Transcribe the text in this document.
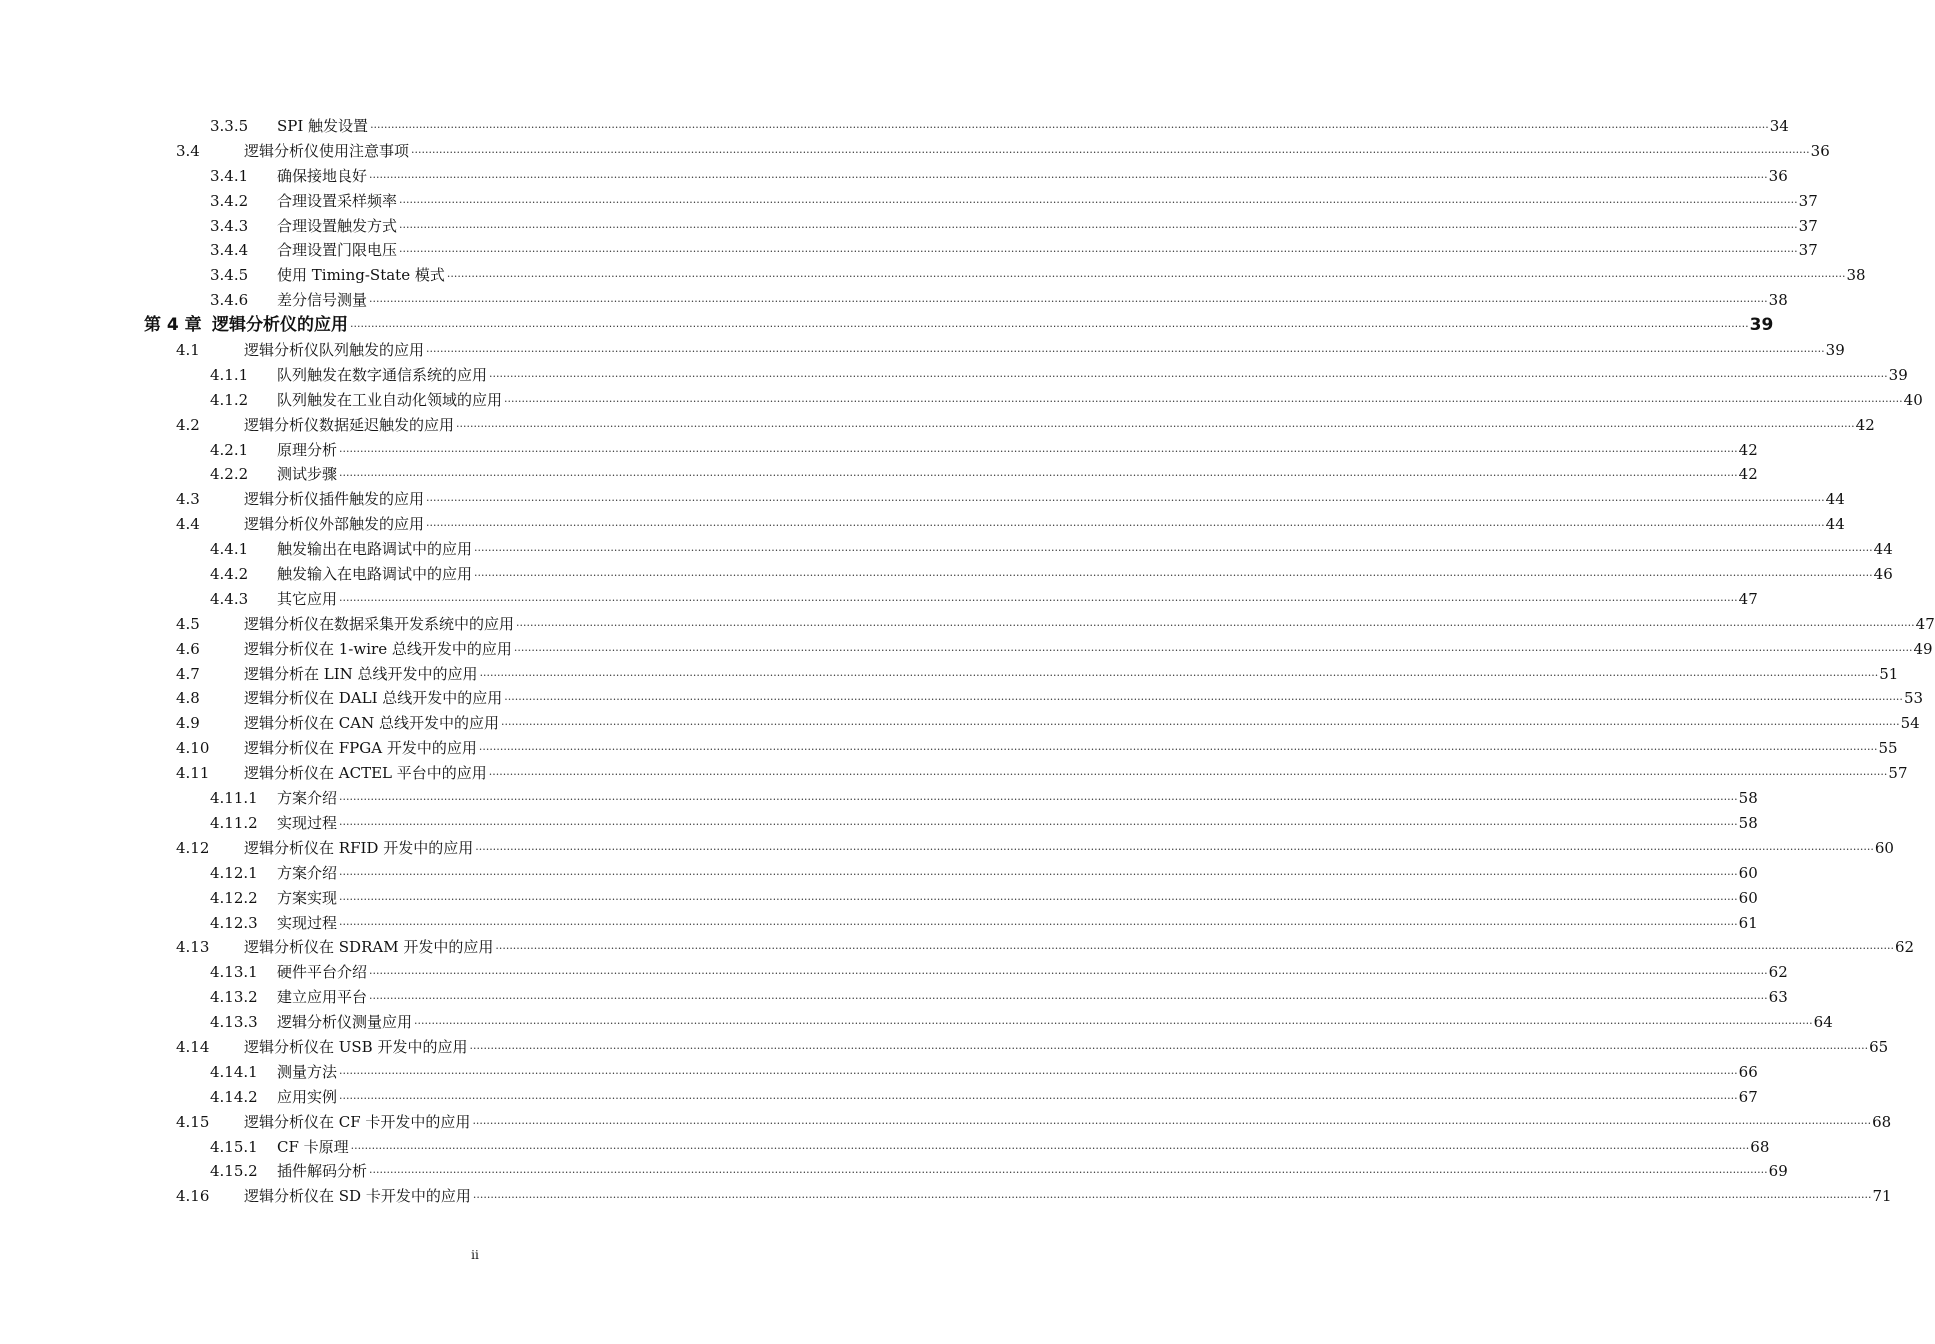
3.3.5 SPI 触发设置 ················································································································································································································································································································································································································ 34
3.4	逻辑分析仪使用注意事项 ················································································································································································································································································································································································································ 36
3.4.1 确保接地良好 ················································································································································································································································································································································································································ 36
3.4.2 合理设置采样频率 ················································································································································································································································································································································································································ 37
3.4.3 合理设置触发方式 ················································································································································································································································································································································································································ 37
3.4.4 合理设置门限电压 ················································································································································································································································································································································································································ 37
3.4.5 使用 Timing-State 模式 ················································································································································································································································································································································································································ 38
3.4.6 差分信号测量 ················································································································································································································································································································································································································ 38
第 4 章 逻辑分析仪的应用 ················································································································································································································································································································································································································ 39
4.1	逻辑分析仪队列触发的应用 ················································································································································································································································································································································································································ 39
4.1.1 队列触发在数字通信系统的应用 ················································································································································································································································································································································································································ 39
4.1.2 队列触发在工业自动化领域的应用 ················································································································································································································································································································································································································ 40
4.2	逻辑分析仪数据延迟触发的应用 ················································································································································································································································································································································································································ 42
4.2.1 原理分析 ················································································································································································································································································································································································································ 42
4.2.2 测试步骤 ················································································································································································································································································································································································································ 42
4.3	逻辑分析仪插件触发的应用 ················································································································································································································································································································································································································ 44
4.4	逻辑分析仪外部触发的应用 ················································································································································································································································································································································································································ 44
4.4.1 触发输出在电路调试中的应用 ················································································································································································································································································································································································································ 44
4.4.2 触发输入在电路调试中的应用 ················································································································································································································································································································································································································ 46
4.4.3 其它应用 ················································································································································································································································································································································································································ 47
4.5	逻辑分析仪在数据采集开发系统中的应用 ················································································································································································································································································································································································································ 47
4.6	逻辑分析仪在 1-wire 总线开发中的应用 ················································································································································································································································································································································································································ 49
4.7	逻辑分析在 LIN 总线开发中的应用 ················································································································································································································································································································································································································ 51
4.8	逻辑分析仪在 DALI 总线开发中的应用 ················································································································································································································································································································································································································ 53
4.9	逻辑分析仪在 CAN 总线开发中的应用 ················································································································································································································································································································································································································ 54
4.10 逻辑分析仪在 FPGA 开发中的应用 ················································································································································································································································································································································································································ 55
4.11 逻辑分析仪在 ACTEL 平台中的应用 ················································································································································································································································································································································································································ 57
4.11.1 方案介绍 ················································································································································································································································································································································································································ 58
4.11.2 实现过程 ················································································································································································································································································································································································································ 58
4.12 逻辑分析仪在 RFID 开发中的应用 ················································································································································································································································································································································································································ 60
4.12.1 方案介绍 ················································································································································································································································································································································································································ 60
4.12.2 方案实现 ················································································································································································································································································································································································································ 60
4.12.3 实现过程 ················································································································································································································································································································································································································ 61
4.13 逻辑分析仪在 SDRAM 开发中的应用 ················································································································································································································································································································································································································ 62
4.13.1 硬件平台介绍 ················································································································································································································································································································································································································ 62
4.13.2 建立应用平台 ················································································································································································································································································································································································································ 63
4.13.3 逻辑分析仪测量应用 ················································································································································································································································································································································································································ 64
4.14 逻辑分析仪在 USB 开发中的应用 ················································································································································································································································································································································································································ 65
4.14.1 测量方法 ················································································································································································································································································································································································································ 66
4.14.2 应用实例 ················································································································································································································································································································································································································ 67
4.15 逻辑分析仪在 CF 卡开发中的应用 ················································································································································································································································································································································································································ 68
4.15.1 CF 卡原理 ················································································································································································································································································································································································································ 68
4.15.2 插件解码分析 ················································································································································································································································································································································································································ 69
4.16 逻辑分析仪在 SD 卡开发中的应用 ················································································································································································································································································································································································································ 71
ii
